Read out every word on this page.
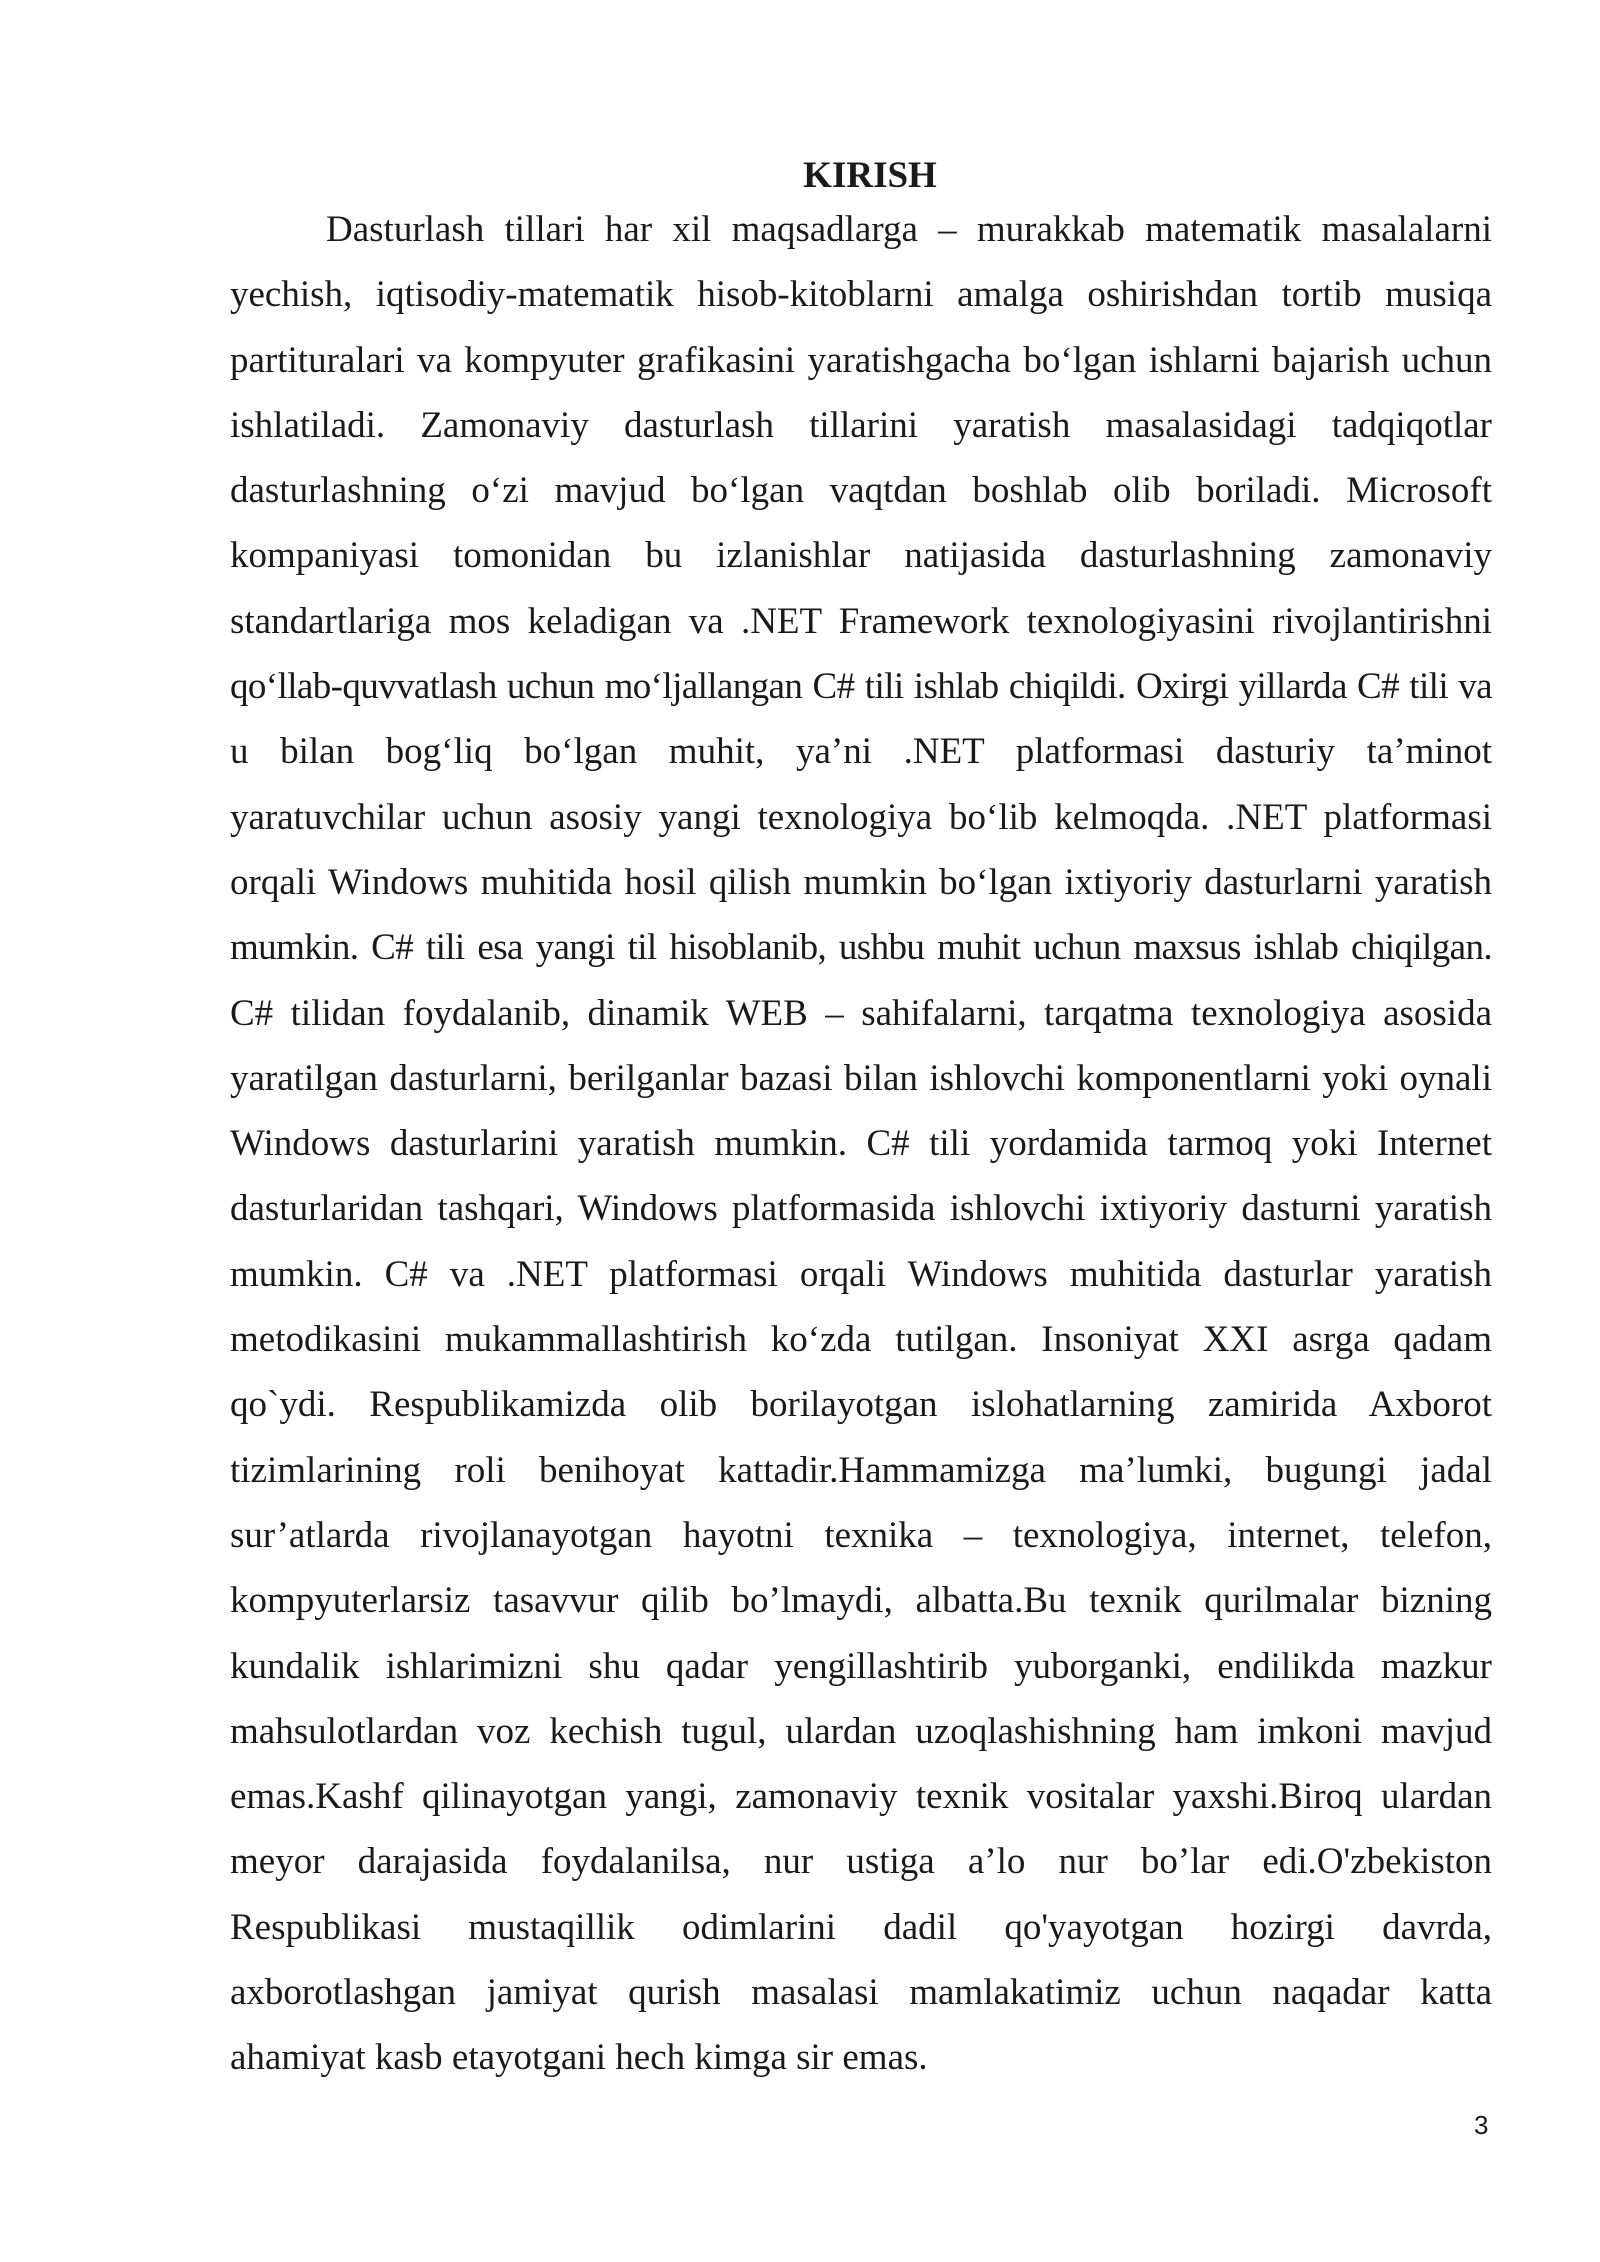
KIRISH
Dasturlash tillari har xil maqsadlarga – murakkab matematik masalalarni
yechish, iqtisodiy-matematik hisob-kitoblarni amalga oshirishdan tortib musiqa
partituralari va kompyuter grafikasini yaratishgacha bo‘lgan ishlarni bajarish uchun
ishlatiladi. Zamonaviy dasturlash tillarini yaratish masalasidagi tadqiqotlar
dasturlashning o‘zi mavjud bo‘lgan vaqtdan boshlab olib boriladi. Microsoft
kompaniyasi tomonidan bu izlanishlar natijasida dasturlashning zamonaviy
standartlariga mos keladigan va .NET Framework texnologiyasini rivojlantirishni
qo‘llab-quvvatlash uchun mo‘ljallangan C# tili ishlab chiqildi. Oxirgi yillarda C# tili va
u bilan bog‘liq bo‘lgan muhit, ya’ni .NET platformasi dasturiy ta’minot
yaratuvchilar uchun asosiy yangi texnologiya bo‘lib kelmoqda. .NET platformasi
orqali Windows muhitida hosil qilish mumkin bo‘lgan ixtiyoriy dasturlarni yaratish
mumkin. C# tili esa yangi til hisoblanib, ushbu muhit uchun maxsus ishlab chiqilgan.
C# tilidan foydalanib, dinamik WEB – sahifalarni, tarqatma texnologiya asosida
yaratilgan dasturlarni, berilganlar bazasi bilan ishlovchi komponentlarni yoki oynali
Windows dasturlarini yaratish mumkin. C# tili yordamida tarmoq yoki Internet
dasturlaridan tashqari, Windows platformasida ishlovchi ixtiyoriy dasturni yaratish
mumkin. C# va .NET platformasi orqali Windows muhitida dasturlar yaratish
metodikasini mukammallashtirish ko‘zda tutilgan. Insoniyat XXI asrga qadam
qo`ydi. Respublikamizda olib borilayotgan islohatlarning zamirida Axborot
tizimlarining roli benihoyat kattadir.Hammamizga ma’lumki, bugungi jadal
sur’atlarda rivojlanayotgan hayotni texnika – texnologiya, internet, telefon,
kompyuterlarsiz tasavvur qilib bo’lmaydi, albatta.Bu texnik qurilmalar bizning
kundalik ishlarimizni shu qadar yengillashtirib yuborganki, endilikda mazkur
mahsulotlardan voz kechish tugul, ulardan uzoqlashishning ham imkoni mavjud
emas.Kashf qilinayotgan yangi, zamonaviy texnik vositalar yaxshi.Biroq ulardan
meyor darajasida foydalanilsa, nur ustiga a’lo nur bo’lar edi.O'zbekiston
Respublikasi mustaqillik odimlarini dadil qo'yayotgan hozirgi davrda,
axborotlashgan jamiyat qurish masalasi mamlakatimiz uchun naqadar katta
ahamiyat kasb etayotgani hech kimga sir emas.
3
